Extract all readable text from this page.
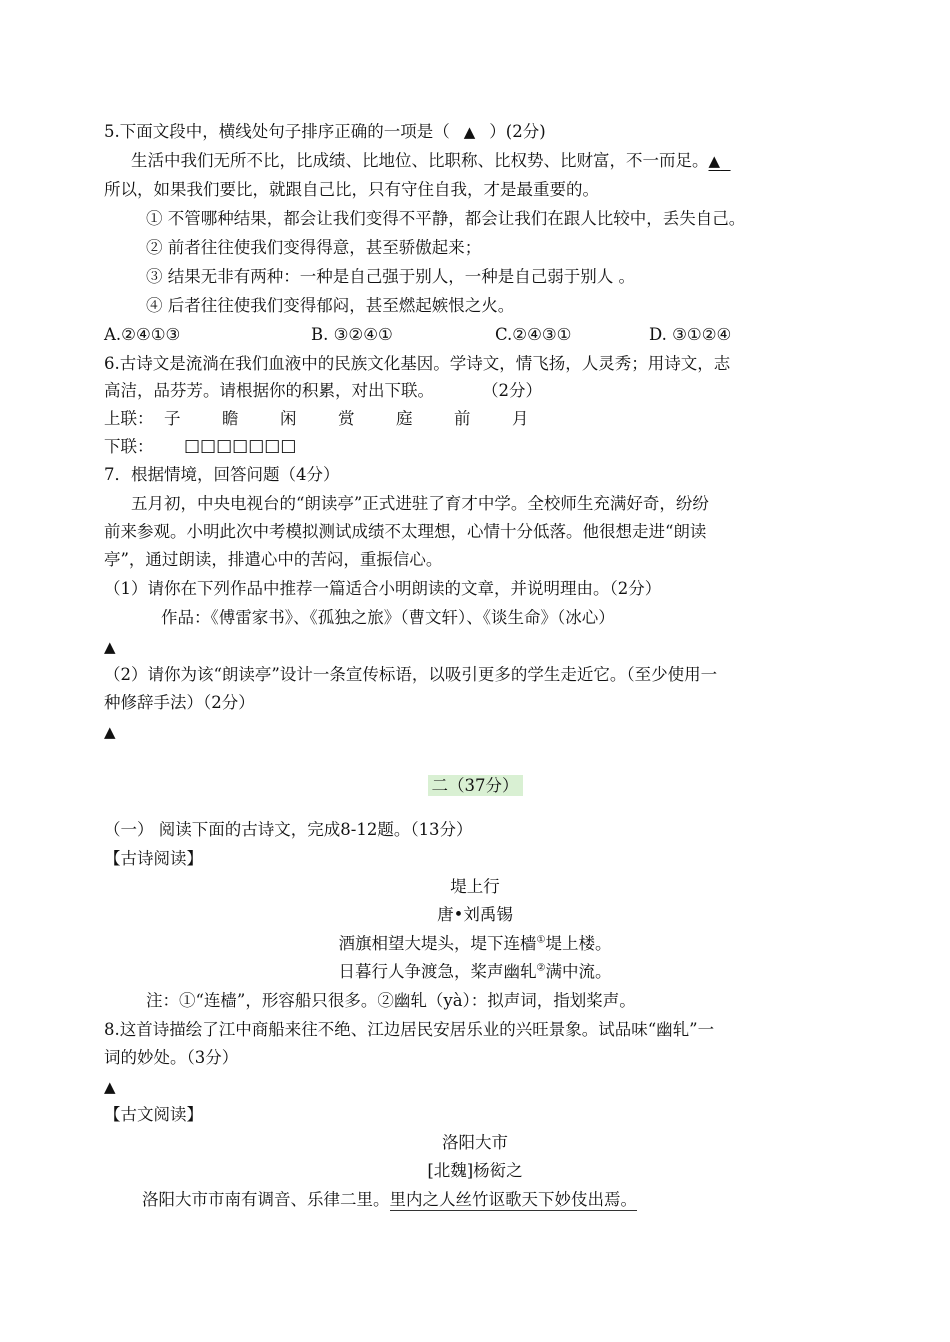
5.下面文段中，横线处句子排序正确的一项是（ ▲ ）(2分)
生活中我们无所不比，比成绩、比地位、比职称、比权势、比财富，不一而足。▲
所以，如果我们要比，就跟自己比，只有守住自我，才是最重要的。
① 不管哪种结果，都会让我们变得不平静，都会让我们在跟人比较中，丢失自己。
② 前者往往使我们变得得意，甚至骄傲起来；
③ 结果无非有两种：一种是自己强于别人，一种是自己弱于别人 。
④ 后者往往使我们变得郁闷，甚至燃起嫉恨之火。
A.②④①③	B. ③②④①	C.②④③①	D. ③①②④
6.古诗文是流淌在我们血液中的民族文化基因。学诗文，情飞扬，人灵秀；用诗文，志
高洁，品芬芳。请根据你的积累，对出下联。	（2分）
上联： 子	瞻	闲	赏	庭	前	月
下联： □□□□□□□
7．根据情境，回答问题（4分）
五月初，中央电视台的“朗读亭”正式进驻了育才中学。全校师生充满好奇，纷纷
前来参观。小明此次中考模拟测试成绩不太理想，心情十分低落。他很想走进“朗读
亭”，通过朗读，排遣心中的苦闷，重振信心。
（1）请你在下列作品中推荐一篇适合小明朗读的文章，并说明理由。（2分）
作品：《傅雷家书》、《孤独之旅》（曹文轩）、《谈生命》（冰心）
▲
（2）请你为该“朗读亭”设计一条宣传标语，以吸引更多的学生走近它。（至少使用一
种修辞手法）（2分）
▲
二（37分）
（一） 阅读下面的古诗文，完成8-12题。（13分）
【古诗阅读】
堤上行
唐•刘禹锡
酒旗相望大堤头，堤下连樯①堤上楼。
日暮行人争渡急，桨声幽轧②满中流。
注：①“连樯”，形容船只很多。②幽轧（yà）：拟声词，指划桨声。
8.这首诗描绘了江中商船来往不绝、江边居民安居乐业的兴旺景象。试品味“幽轧”一
词的妙处。（3分）
▲
【古文阅读】
洛阳大市
[北魏]杨衒之
洛阳大市市南有调音、乐律二里。里内之人丝竹讴歌天下妙伎出焉。
